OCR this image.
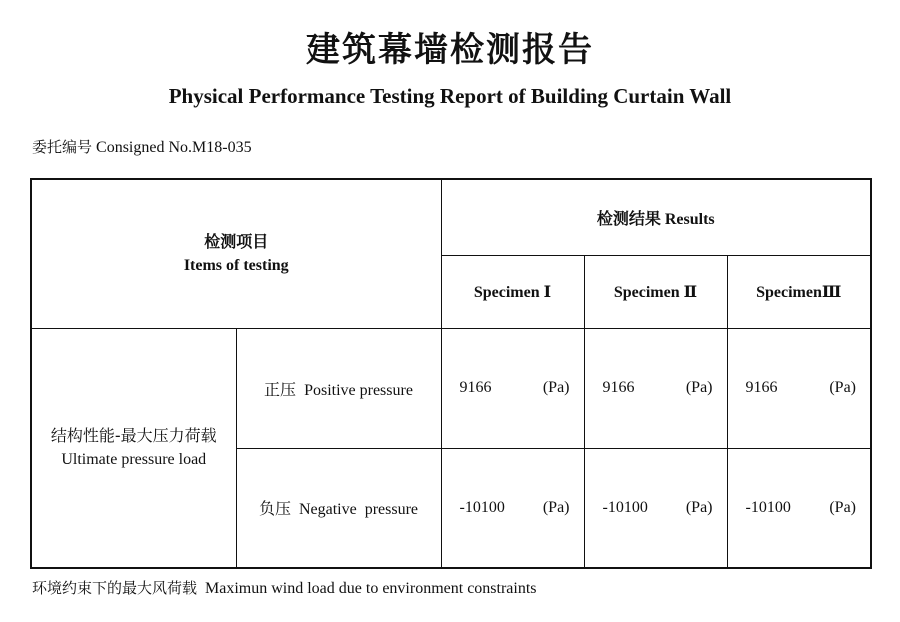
建筑幕墙检测报告
Physical Performance Testing Report of Building Curtain Wall
委托编号 Consigned No.M18-035
检测项目
Items of testing		检测结果 Results		
		Specimen Ⅰ	Specimen Ⅱ	SpecimenⅢ

结构性能-最大压力荷载
Ultimate pressure load	正压 Positive pressure	9166 (Pa)	9166 (Pa)	9166 (Pa)

	负压 Negative  pressure	-10100 (Pa)	-10100 (Pa)	-10100 (Pa)
环境约束下的最大风荷载 Maximun wind load due to environment constraints
